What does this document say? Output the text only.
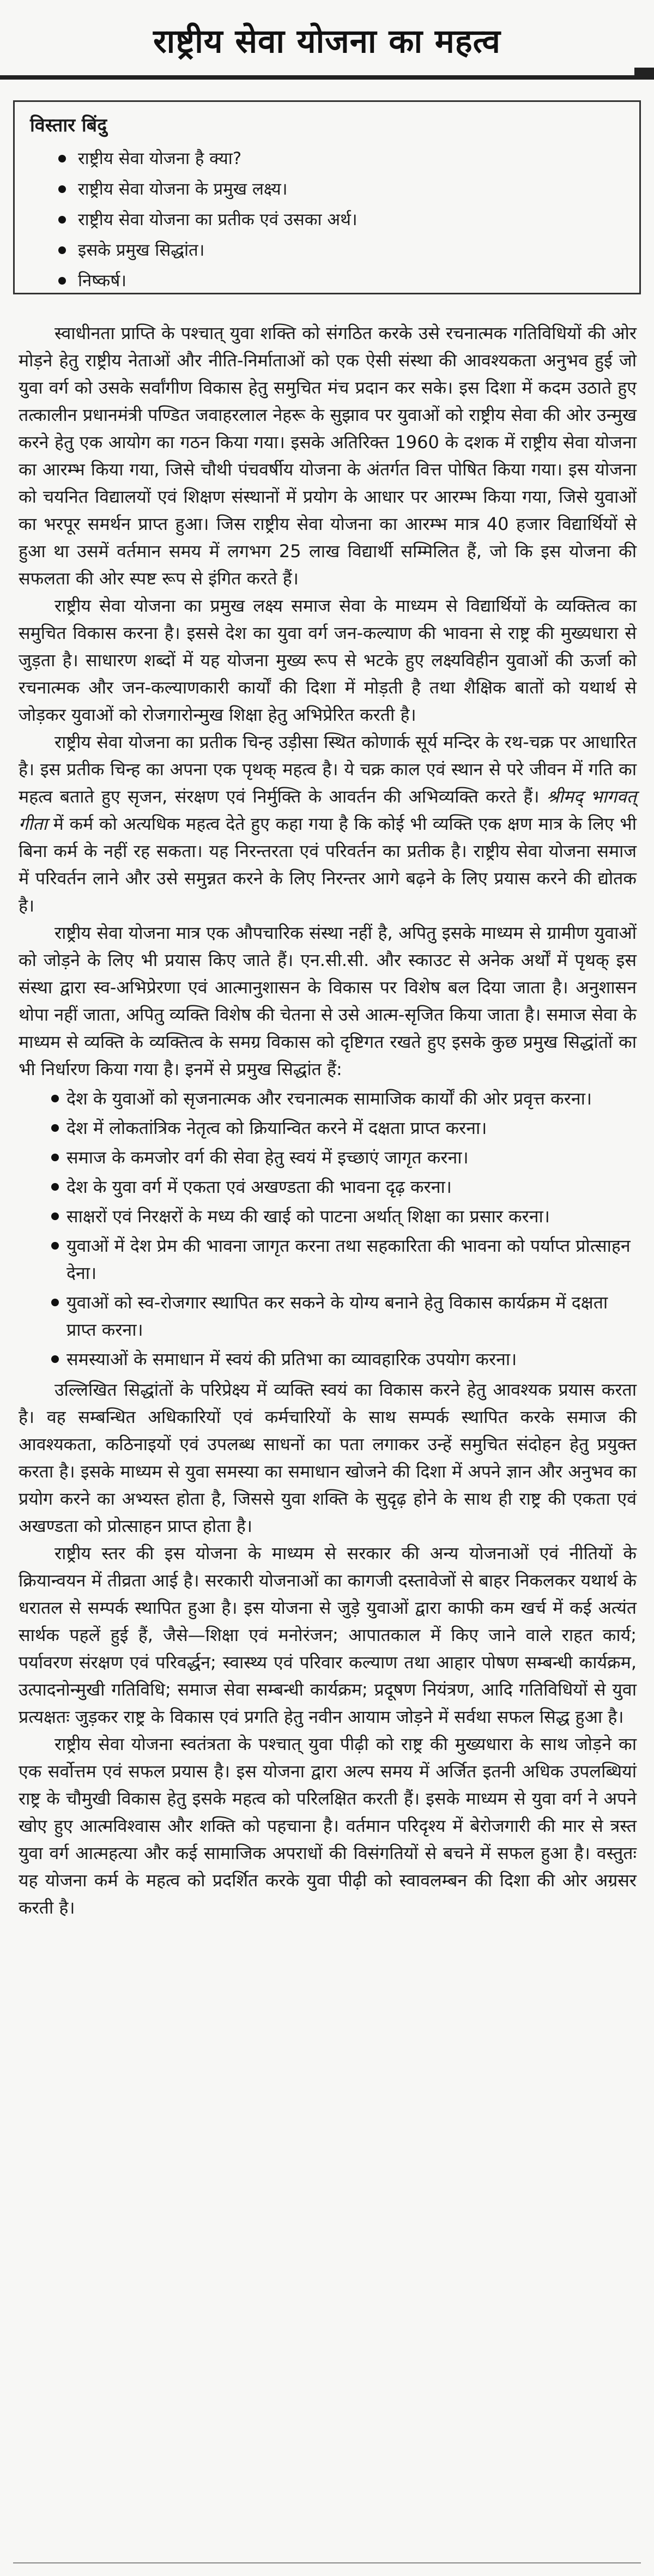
राष्ट्रीय सेवा योजना का महत्व
विस्तार बिंदु
राष्ट्रीय सेवा योजना है क्या?
राष्ट्रीय सेवा योजना के प्रमुख लक्ष्य।
राष्ट्रीय सेवा योजना का प्रतीक एवं उसका अर्थ।
इसके प्रमुख सिद्धांत।
निष्कर्ष।

स्वाधीनता प्राप्ति के पश्चात् युवा शक्ति को संगठित करके उसे रचनात्मक गतिविधियों की ओर मोड़ने हेतु राष्ट्रीय नेताओं और नीति-निर्माताओं को एक ऐसी संस्था की आवश्यकता अनुभव हुई जो युवा वर्ग को उसके सर्वांगीण विकास हेतु समुचित मंच प्रदान कर सके। इस दिशा में कदम उठाते हुए तत्कालीन प्रधानमंत्री पण्डित जवाहरलाल नेहरू के सुझाव पर युवाओं को राष्ट्रीय सेवा की ओर उन्मुख करने हेतु एक आयोग का गठन किया गया। इसके अतिरिक्त 1960 के दशक में राष्ट्रीय सेवा योजना का आरम्भ किया गया, जिसे चौथी पंचवर्षीय योजना के अंतर्गत वित्त पोषित किया गया। इस योजना को चयनित विद्यालयों एवं शिक्षण संस्थानों में प्रयोग के आधार पर आरम्भ किया गया, जिसे युवाओं का भरपूर समर्थन प्राप्त हुआ। जिस राष्ट्रीय सेवा योजना का आरम्भ मात्र 40 हजार विद्यार्थियों से हुआ था उसमें वर्तमान समय में लगभग 25 लाख विद्यार्थी सम्मिलित हैं, जो कि इस योजना की सफलता की ओर स्पष्ट रूप से इंगित करते हैं।

राष्ट्रीय सेवा योजना का प्रमुख लक्ष्य समाज सेवा के माध्यम से विद्यार्थियों के व्यक्तित्व का समुचित विकास करना है। इससे देश का युवा वर्ग जन-कल्याण की भावना से राष्ट्र की मुख्यधारा से जुड़ता है। साधारण शब्दों में यह योजना मुख्य रूप से भटके हुए लक्ष्यविहीन युवाओं की ऊर्जा को रचनात्मक और जन-कल्याणकारी कार्यों की दिशा में मोड़ती है तथा शैक्षिक बातों को यथार्थ से जोड़कर युवाओं को रोजगारोन्मुख शिक्षा हेतु अभिप्रेरित करती है।

राष्ट्रीय सेवा योजना का प्रतीक चिन्ह उड़ीसा स्थित कोणार्क सूर्य मन्दिर के रथ-चक्र पर आधारित है। इस प्रतीक चिन्ह का अपना एक पृथक् महत्व है। ये चक्र काल एवं स्थान से परे जीवन में गति का महत्व बताते हुए सृजन, संरक्षण एवं निर्मुक्ति के आवर्तन की अभिव्यक्ति करते हैं। श्रीमद् भागवत् गीता में कर्म को अत्यधिक महत्व देते हुए कहा गया है कि कोई भी व्यक्ति एक क्षण मात्र के लिए भी बिना कर्म के नहीं रह सकता। यह निरन्तरता एवं परिवर्तन का प्रतीक है। राष्ट्रीय सेवा योजना समाज में परिवर्तन लाने और उसे समुन्नत करने के लिए निरन्तर आगे बढ़ने के लिए प्रयास करने की द्योतक है।

राष्ट्रीय सेवा योजना मात्र एक औपचारिक संस्था नहीं है, अपितु इसके माध्यम से ग्रामीण युवाओं को जोड़ने के लिए भी प्रयास किए जाते हैं। एन.सी.सी. और स्काउट से अनेक अर्थों में पृथक् इस संस्था द्वारा स्व-अभिप्रेरणा एवं आत्मानुशासन के विकास पर विशेष बल दिया जाता है। अनुशासन थोपा नहीं जाता, अपितु व्यक्ति विशेष की चेतना से उसे आत्म-सृजित किया जाता है। समाज सेवा के माध्यम से व्यक्ति के व्यक्तित्व के समग्र विकास को दृष्टिगत रखते हुए इसके कुछ प्रमुख सिद्धांतों का भी निर्धारण किया गया है। इनमें से प्रमुख सिद्धांत हैं:

देश के युवाओं को सृजनात्मक और रचनात्मक सामाजिक कार्यों की ओर प्रवृत्त करना।
देश में लोकतांत्रिक नेतृत्व को क्रियान्वित करने में दक्षता प्राप्त करना।
समाज के कमजोर वर्ग की सेवा हेतु स्वयं में इच्छाएं जागृत करना।
देश के युवा वर्ग में एकता एवं अखण्डता की भावना दृढ़ करना।
साक्षरों एवं निरक्षरों के मध्य की खाई को पाटना अर्थात् शिक्षा का प्रसार करना।
युवाओं में देश प्रेम की भावना जागृत करना तथा सहकारिता की भावना को पर्याप्त प्रोत्साहन देना।
युवाओं को स्व-रोजगार स्थापित कर सकने के योग्य बनाने हेतु विकास कार्यक्रम में दक्षता प्राप्त करना।
समस्याओं के समाधान में स्वयं की प्रतिभा का व्यावहारिक उपयोग करना।

उल्लिखित सिद्धांतों के परिप्रेक्ष्य में व्यक्ति स्वयं का विकास करने हेतु आवश्यक प्रयास करता है। वह सम्बन्धित अधिकारियों एवं कर्मचारियों के साथ सम्पर्क स्थापित करके समाज की आवश्यकता, कठिनाइयों एवं उपलब्ध साधनों का पता लगाकर उन्हें समुचित संदोहन हेतु प्रयुक्त करता है। इसके माध्यम से युवा समस्या का समाधान खोजने की दिशा में अपने ज्ञान और अनुभव का प्रयोग करने का अभ्यस्त होता है, जिससे युवा शक्ति के सुदृढ़ होने के साथ ही राष्ट्र की एकता एवं अखण्डता को प्रोत्साहन प्राप्त होता है।

राष्ट्रीय स्तर की इस योजना के माध्यम से सरकार की अन्य योजनाओं एवं नीतियों के क्रियान्वयन में तीव्रता आई है। सरकारी योजनाओं का कागजी दस्तावेजों से बाहर निकलकर यथार्थ के धरातल से सम्पर्क स्थापित हुआ है। इस योजना से जुड़े युवाओं द्वारा काफी कम खर्च में कई अत्यंत सार्थक पहलें हुई हैं, जैसे—शिक्षा एवं मनोरंजन; आपातकाल में किए जाने वाले राहत कार्य; पर्यावरण संरक्षण एवं परिवर्द्धन; स्वास्थ्य एवं परिवार कल्याण तथा आहार पोषण सम्बन्धी कार्यक्रम, उत्पादनोन्मुखी गतिविधि; समाज सेवा सम्बन्धी कार्यक्रम; प्रदूषण नियंत्रण, आदि गतिविधियों से युवा प्रत्यक्षतः जुड़कर राष्ट्र के विकास एवं प्रगति हेतु नवीन आयाम जोड़ने में सर्वथा सफल सिद्ध हुआ है।

राष्ट्रीय सेवा योजना स्वतंत्रता के पश्चात् युवा पीढ़ी को राष्ट्र की मुख्यधारा के साथ जोड़ने का एक सर्वोत्तम एवं सफल प्रयास है। इस योजना द्वारा अल्प समय में अर्जित इतनी अधिक उपलब्धियां राष्ट्र के चौमुखी विकास हेतु इसके महत्व को परिलक्षित करती हैं। इसके माध्यम से युवा वर्ग ने अपने खोए हुए आत्मविश्वास और शक्ति को पहचाना है। वर्तमान परिदृश्य में बेरोजगारी की मार से त्रस्त युवा वर्ग आत्महत्या और कई सामाजिक अपराधों की विसंगतियों से बचने में सफल हुआ है। वस्तुतः यह योजना कर्म के महत्व को प्रदर्शित करके युवा पीढ़ी को स्वावलम्बन की दिशा की ओर अग्रसर करती है।
